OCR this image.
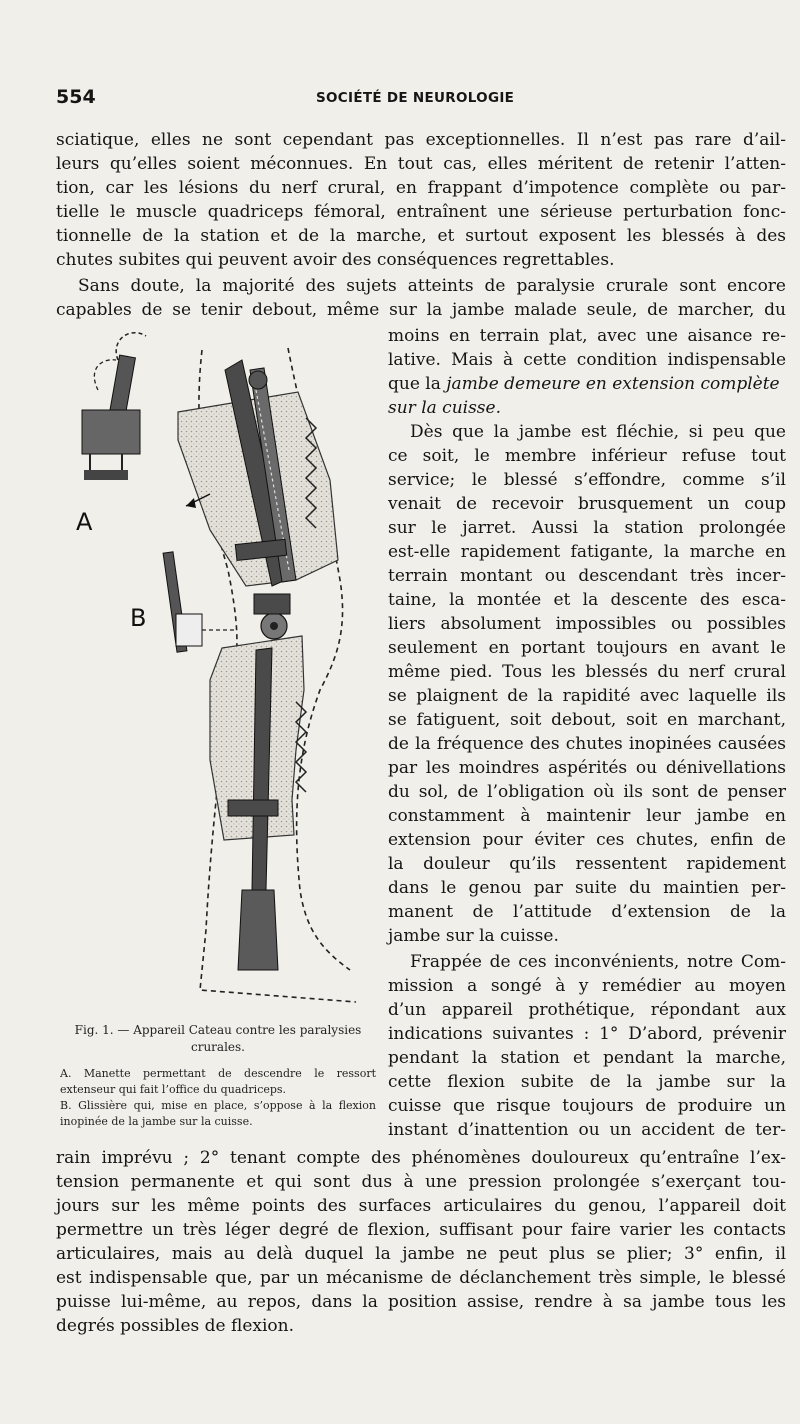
554	SOCIÉTÉ DE NEUROLOGIE
sciatique, elles ne sont cependant pas exceptionnelles. Il n’est pas rare d’ail-
leurs qu’elles soient méconnues. En tout cas, elles méritent de retenir l’atten-
tion, car les lésions du nerf crural, en frappant d’impotence complète ou par-
tielle le muscle quadriceps fémoral, entraînent une sérieuse perturbation fonc-
tionnelle de la station et de la marche, et surtout exposent les blessés à des
chutes subites qui peuvent avoir des conséquences regrettables.
Sans doute, la majorité des sujets atteints de paralysie crurale sont encore
capables de se tenir debout, même sur la jambe malade seule, de marcher, du
moins en terrain plat, avec une aisance re-
lative. Mais à cette condition indispensable
que la jambe demeure en extension complète
sur la cuisse.
Dès que la jambe est fléchie, si peu que
ce soit, le membre inférieur refuse tout
service; le blessé s’effondre, comme s’il
venait de recevoir brusquement un coup
sur le jarret. Aussi la station prolongée
est-elle rapidement fatigante, la marche en
terrain montant ou descendant très incer-
taine, la montée et la descente des esca-
liers absolument impossibles ou possibles
seulement en portant toujours en avant le
même pied. Tous les blessés du nerf crural
se plaignent de la rapidité avec laquelle ils
se fatiguent, soit debout, soit en marchant,
de la fréquence des chutes inopinées causées
par les moindres aspérités ou dénivellations
du sol, de l’obligation où ils sont de penser
constamment à maintenir leur jambe en
extension pour éviter ces chutes, enfin de
la douleur qu’ils ressentent rapidement
dans le genou par suite du maintien per-
manent de l’attitude d’extension de la
jambe sur la cuisse.
Frappée de ces inconvénients, notre Com-
mission a songé à y remédier au moyen
d’un appareil prothétique, répondant aux
indications suivantes : 1° D’abord, prévenir
pendant la station et pendant la marche,
cette flexion subite de la jambe sur la
cuisse que risque toujours de produire un
instant d’inattention ou un accident de ter-
rain imprévu ; 2° tenant compte des phénomènes douloureux qu’entraîne l’ex-
tension permanente et qui sont dus à une pression prolongée s’exerçant tou-
jours sur les même points des surfaces articulaires du genou, l’appareil doit
permettre un très léger degré de flexion, suffisant pour faire varier les contacts
articulaires, mais au delà duquel la jambe ne peut plus se plier; 3° enfin, il
est indispensable que, par un mécanisme de déclanchement très simple, le blessé
puisse lui-même, au repos, dans la position assise, rendre à sa jambe tous les
degrés possibles de flexion.
A
B
Fig. 1. — Appareil Cateau contre les paralysies crurales.
A. Manette permettant de descendre le ressort extenseur qui fait l’office du quadriceps.
B. Glissière qui, mise en place, s’oppose à la flexion inopinée de la jambe sur la cuisse.
